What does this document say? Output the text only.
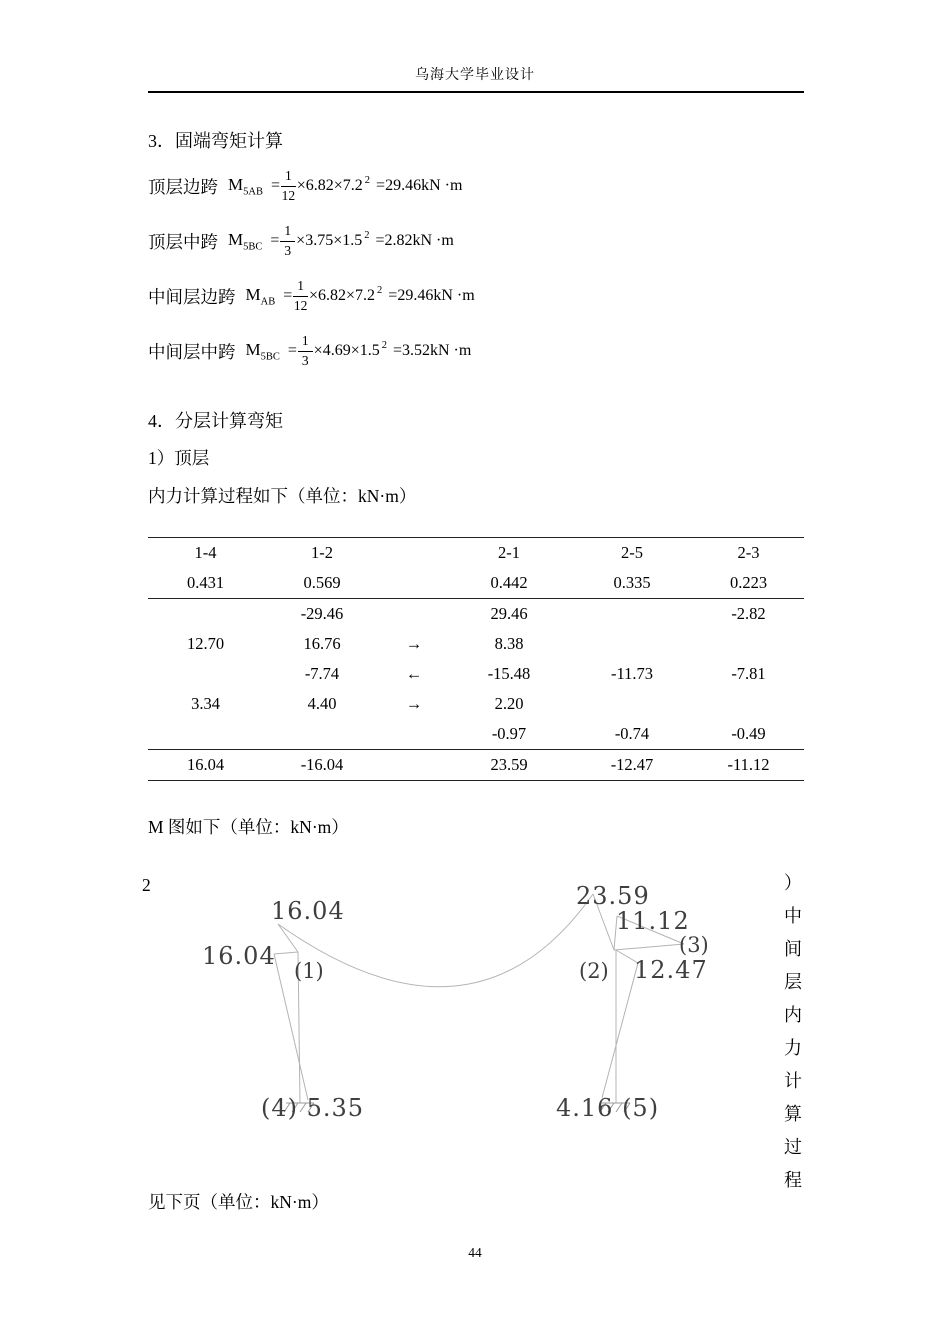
乌海大学毕业设计
3．固端弯矩计算
顶层边跨 $M_{5AB} = \frac{1}{12} \times 6.82\times 7.2$ 2 =29.46kN ·m
顶层中跨 $M_{5BC} = \frac{1}{3} \times 3.75\times 1.5$ 2 =2.82kN ·m
中间层边跨 $M_{AB} = \frac{1}{12} \times 6.82\times 7.2$ 2 =29.46kN ·m
中间层中跨 $M_{5BC} = \frac{1}{3} \times 4.69\times 1.5$ 2 =3.52kN ·m
4．分层计算弯矩
1）顶层
内力计算过程如下（单位：kN·m）
1-4	1-2		2-1	2-5	2-3
0.431	0.569		0.442	0.335	0.223
	-29.46		29.46		-2.82
12.70	16.76	→	8.38		
	-7.74	←	-15.48	-11.73	-7.81
3.34	4.40	→	2.20		
			-0.97	-0.74	-0.49
16.04	-16.04		23.59	-12.47	-11.12
M 图如下（单位：kN·m）
2
16.04
23.59
11.12
(3)
16.04
(1)	(2) 12.47
(4) 5.35	4.16 (5)
）
中
间
层
内
力
计
算
过
程
见下页（单位：kN·m）
44
